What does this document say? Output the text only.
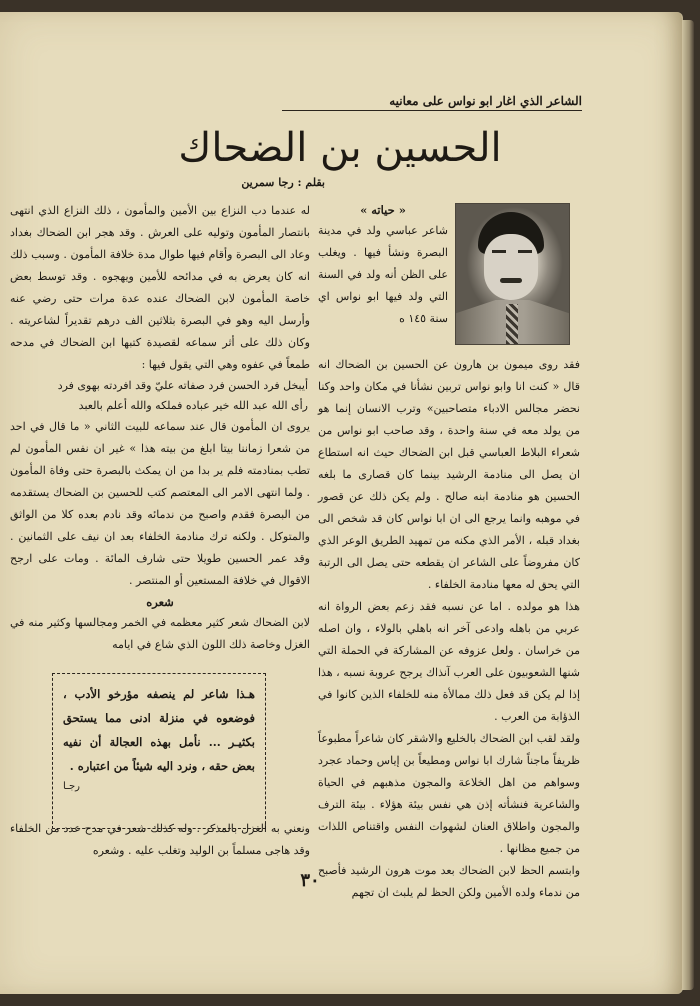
الشاعر الذي اغار ابو نواس على معانيه
الحسين بن الضحاك
بقلم : رجا سمرين
« حياته »

شاعر عباسي ولد في مدينة البصرة ونشأ فيها . ويغلب على الظن أنه ولد في السنة التي ولد فيها ابو نواس اي سنة ١٤٥ ه

فقد روى ميمون بن هارون عن الحسين بن الضحاك انه قال « كنت انا وابو نواس تربين نشأنا في مكان واحد وكنا نحضر مجالس الادباء متصاحبين» وترب الانسان إنما هو من يولد معه في سنة واحدة ، وقد صاحب ابو نواس من شعراء البلاط العباسي قبل ابن الضحاك حيث انه استطاع ان يصل الى منادمة الرشيد بينما كان قصارى ما بلغه الحسين هو منادمة ابنه صالح . ولم يكن ذلك عن قصور في موهبه وانما يرجع الى ان ابا نواس كان قد شخص الى بغداد قبله ، الأمر الذي مكنه من تمهيد الطريق الوعر الذي كان مفروضاً على الشاعر ان يقطعه حتى يصل الى الرتبة التي يحق له معها منادمة الخلفاء .

هذا هو مولده . اما عن نسبه فقد زعم بعض الرواة انه عربي من باهله وادعى آخر انه باهلي بالولاء ، وان اصله من خراسان . ولعل عزوفه عن المشاركة في الحملة التي شنها الشعوبيون على العرب آنذاك يرجح عروبة نسبه ، هذا إذا لم يكن قد فعل ذلك ممالأة منه للخلفاء الذين كانوا في الذؤابة من العرب .

ولقد لقب ابن الضحاك بالخليع والاشقر كان شاعراً مطبوعاً ظريفاً ماجناً شارك ابا نواس ومطيعاً بن إياس وحماد عجرد وسواهم من اهل الخلاعة والمجون مذهبهم في الحياة والشاعرية فنشأته إذن هي نفس بيئة هؤلاء . بيئة الترف والمجون واطلاق العنان لشهوات النفس واقتناص اللذات من جميع مظانها .

وابتسم الحظ لابن الضحاك بعد موت هرون الرشيد فأصبح من ندماء ولده الأمين ولكن الحظ لم يلبث ان تجهم

له عندما دب النزاع بين الأمين والمأمون ، ذلك النزاع الذي انتهى بانتصار المأمون وتوليه على العرش . وقد هجر ابن الضحاك بغداد وعاد الى البصرة وأقام فيها طوال مدة خلافة المأمون . وسبب ذلك انه كان يعرض به في مدائحه للأمين ويهجوه . وقد توسط بعض خاصة المأمون لابن الضحاك عنده عدة مرات حتى رضي عنه وأرسل اليه وهو في البصرة بثلاثين الف درهم تقديراً لشاعريته . وكان ذلك على أثر سماعه لقصيدة كتبها ابن الضحاك في مدحه طمعاً في عفوه وهي التي يقول فيها :

أيبخل فرد الحسن فرد صفاته عليّ وقد افردته بهوى فرد
رأى الله عبد الله خير عباده فملكه والله أعلم بالعبد

يروى ان المأمون قال عند سماعه للبيت الثاني « ما قال في احد من شعرا زماننا بيتا ابلغ من بيته هذا » غير ان نفس المأمون لم تطب بمنادمته فلم ير بدا من ان يمكث بالبصرة حتى وفاة المأمون . ولما انتهى الامر الى المعتصم كتب للحسين بن الضحاك يستقدمه من البصرة فقدم واصبح من ندمائه وقد نادم بعده كلا من الواثق والمتوكل . ولكنه ترك منادمة الخلفاء بعد ان نيف على الثمانين . وقد عمر الحسين طويلا حتى شارف المائة . ومات على ارجح الاقوال في خلافة المستعين أو المنتصر .

شعره

لابن الضحاك شعر كثير معظمه في الخمر ومجالسها وكثير منه في الغزل وخاصة ذلك اللون الذي شاع في ايامه

هـذا شاعر لم ينصفه مؤرخو الأدب ، فوضعوه في منزلة ادنى مما يستحق بكثيـر ... نأمل بهذه العجالة أن نفيه بعض حقه ، ونرد اليه شيئاً من اعتباره .
رجـا

ونعني به الغزل بالمذكر . وله كذلك شعر في مدح عدد من الخلفاء وقد هاجى مسلماً بن الوليد وتغلب عليه . وشعره

٣٠
